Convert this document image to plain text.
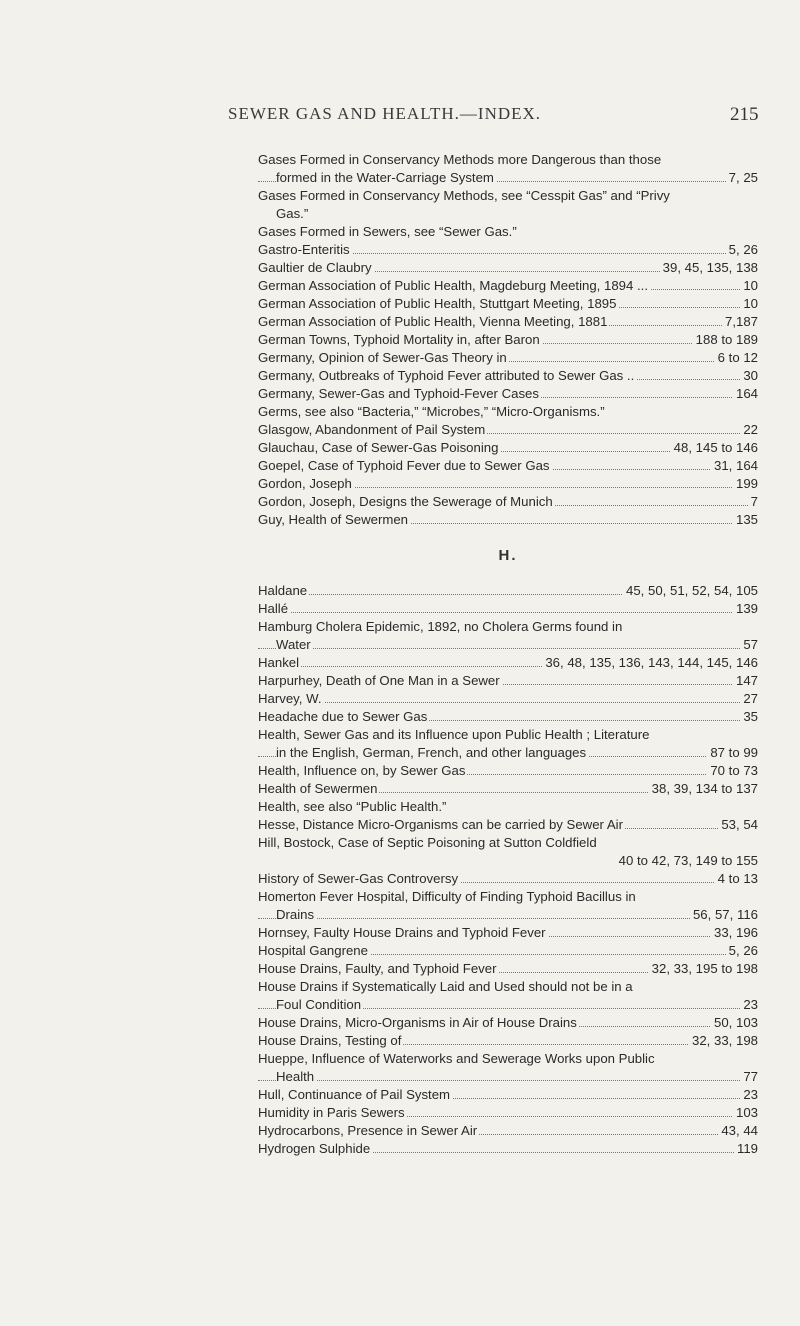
SEWER GAS AND HEALTH.—INDEX.	215
Gases Formed in Conservancy Methods more Dangerous than those
formed in the Water-Carriage System	7, 25
Gases Formed in Conservancy Methods, see “Cesspit Gas” and “Privy
Gas.”
Gases Formed in Sewers, see “Sewer Gas.”
Gastro-Enteritis	5, 26
Gaultier de Claubry	39, 45, 135, 138
German Association of Public Health, Magdeburg Meeting, 1894 ...	10
German Association of Public Health, Stuttgart Meeting, 1895	10
German Association of Public Health, Vienna Meeting, 1881	7,187
German Towns, Typhoid Mortality in, after Baron	188 to 189
Germany, Opinion of Sewer-Gas Theory in	6 to 12
Germany, Outbreaks of Typhoid Fever attributed to Sewer Gas ..	30
Germany, Sewer-Gas and Typhoid-Fever Cases	164
Germs, see also “Bacteria,” “Microbes,” “Micro-Organisms.”
Glasgow, Abandonment of Pail System	22
Glauchau, Case of Sewer-Gas Poisoning	48, 145 to 146
Goepel, Case of Typhoid Fever due to Sewer Gas	31, 164
Gordon, Joseph	199
Gordon, Joseph, Designs the Sewerage of Munich	7
Guy, Health of Sewermen	135
H.
Haldane	45, 50, 51, 52, 54, 105
Hallé	139
Hamburg Cholera Epidemic, 1892, no Cholera Germs found in
Water	57
Hankel	36, 48, 135, 136, 143, 144, 145, 146
Harpurhey, Death of One Man in a Sewer	147
Harvey, W.	27
Headache due to Sewer Gas	35
Health, Sewer Gas and its Influence upon Public Health ; Literature
in the English, German, French, and other languages	87 to 99
Health, Influence on, by Sewer Gas	70 to 73
Health of Sewermen	38, 39, 134 to 137
Health, see also “Public Health.”
Hesse, Distance Micro-Organisms can be carried by Sewer Air	53, 54
Hill, Bostock, Case of Septic Poisoning at Sutton Coldfield
40 to 42, 73, 149 to 155
History of Sewer-Gas Controversy	4 to 13
Homerton Fever Hospital, Difficulty of Finding Typhoid Bacillus in
Drains	56, 57, 116
Hornsey, Faulty House Drains and Typhoid Fever	33, 196
Hospital Gangrene	5, 26
House Drains, Faulty, and Typhoid Fever	32, 33, 195 to 198
House Drains if Systematically Laid and Used should not be in a
Foul Condition	23
House Drains, Micro-Organisms in Air of House Drains	50, 103
House Drains, Testing of	32, 33, 198
Hueppe, Influence of Waterworks and Sewerage Works upon Public
Health	77
Hull, Continuance of Pail System	23
Humidity in Paris Sewers	103
Hydrocarbons, Presence in Sewer Air	43, 44
Hydrogen Sulphide	119
